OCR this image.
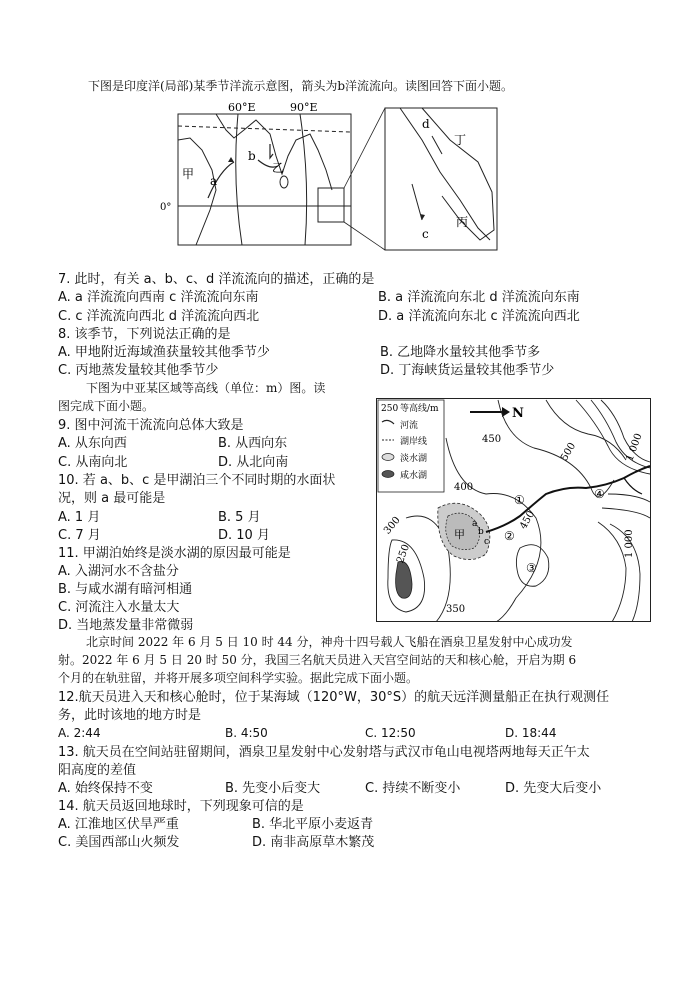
下图是印度洋(局部)某季节洋流示意图，箭头为b洋流流向。读图回答下面小题。
60°E	90°E
0°
甲	乙
a
b
d
丁
丙
c
7. 此时，有关 a、b、c、d 洋流流向的描述，正确的是
A. a 洋流流向西南 c 洋流流向东南	B. a 洋流流向东北 d 洋流流向东南
C. c 洋流流向西北 d 洋流流向西北	D. a 洋流流向东北 c 洋流流向西北
8. 该季节，下列说法正确的是
A. 甲地附近海域渔获量较其他季节少	B. 乙地降水量较其他季节多
C. 丙地蒸发量较其他季节少	D. 丁海峡货运量较其他季节少
下图为中亚某区域等高线（单位：m）图。读
图完成下面小题。
9. 图中河流干流流向总体大致是
A. 从东向西	B. 从西向东
C. 从南向北	D. 从北向南
10. 若 a、b、c 是甲湖泊三个不同时期的水面状
况，则 a 最可能是
A. 1 月	B. 5 月
C. 7 月	D. 10 月
11. 甲湖泊始终是淡水湖的原因最可能是
A. 入湖河水不含盐分
B. 与咸水湖有暗河相通
C. 河流注入水量太大
D. 当地蒸发量非常微弱
250 等高线/m
河流
湖岸线
淡水湖
咸水湖
N
450
500	1 000
400
1 000
300
250
450
350
①
②
③
④
甲
a
b
c
北京时间 2022 年 6 月 5 日 10 时 44 分，神舟十四号载人飞船在酒泉卫星发射中心成功发
射。2022 年 6 月 5 日 20 时 50 分，我国三名航天员进入天宫空间站的天和核心舱，开启为期 6
个月的在轨驻留，并将开展多项空间科学实验。据此完成下面小题。
12.航天员进入天和核心舱时，位于某海域（120°W，30°S）的航天远洋测量船正在执行观测任
务，此时该地的地方时是
A. 2:44	B. 4:50	C. 12:50	D. 18:44
13. 航天员在空间站驻留期间，酒泉卫星发射中心发射塔与武汉市龟山电视塔两地每天正午太
阳高度的差值
A. 始终保持不变	B. 先变小后变大	C. 持续不断变小	D. 先变大后变小
14. 航天员返回地球时，下列现象可信的是
A. 江淮地区伏旱严重	B. 华北平原小麦返青
C. 美国西部山火频发	D. 南非高原草木繁茂
